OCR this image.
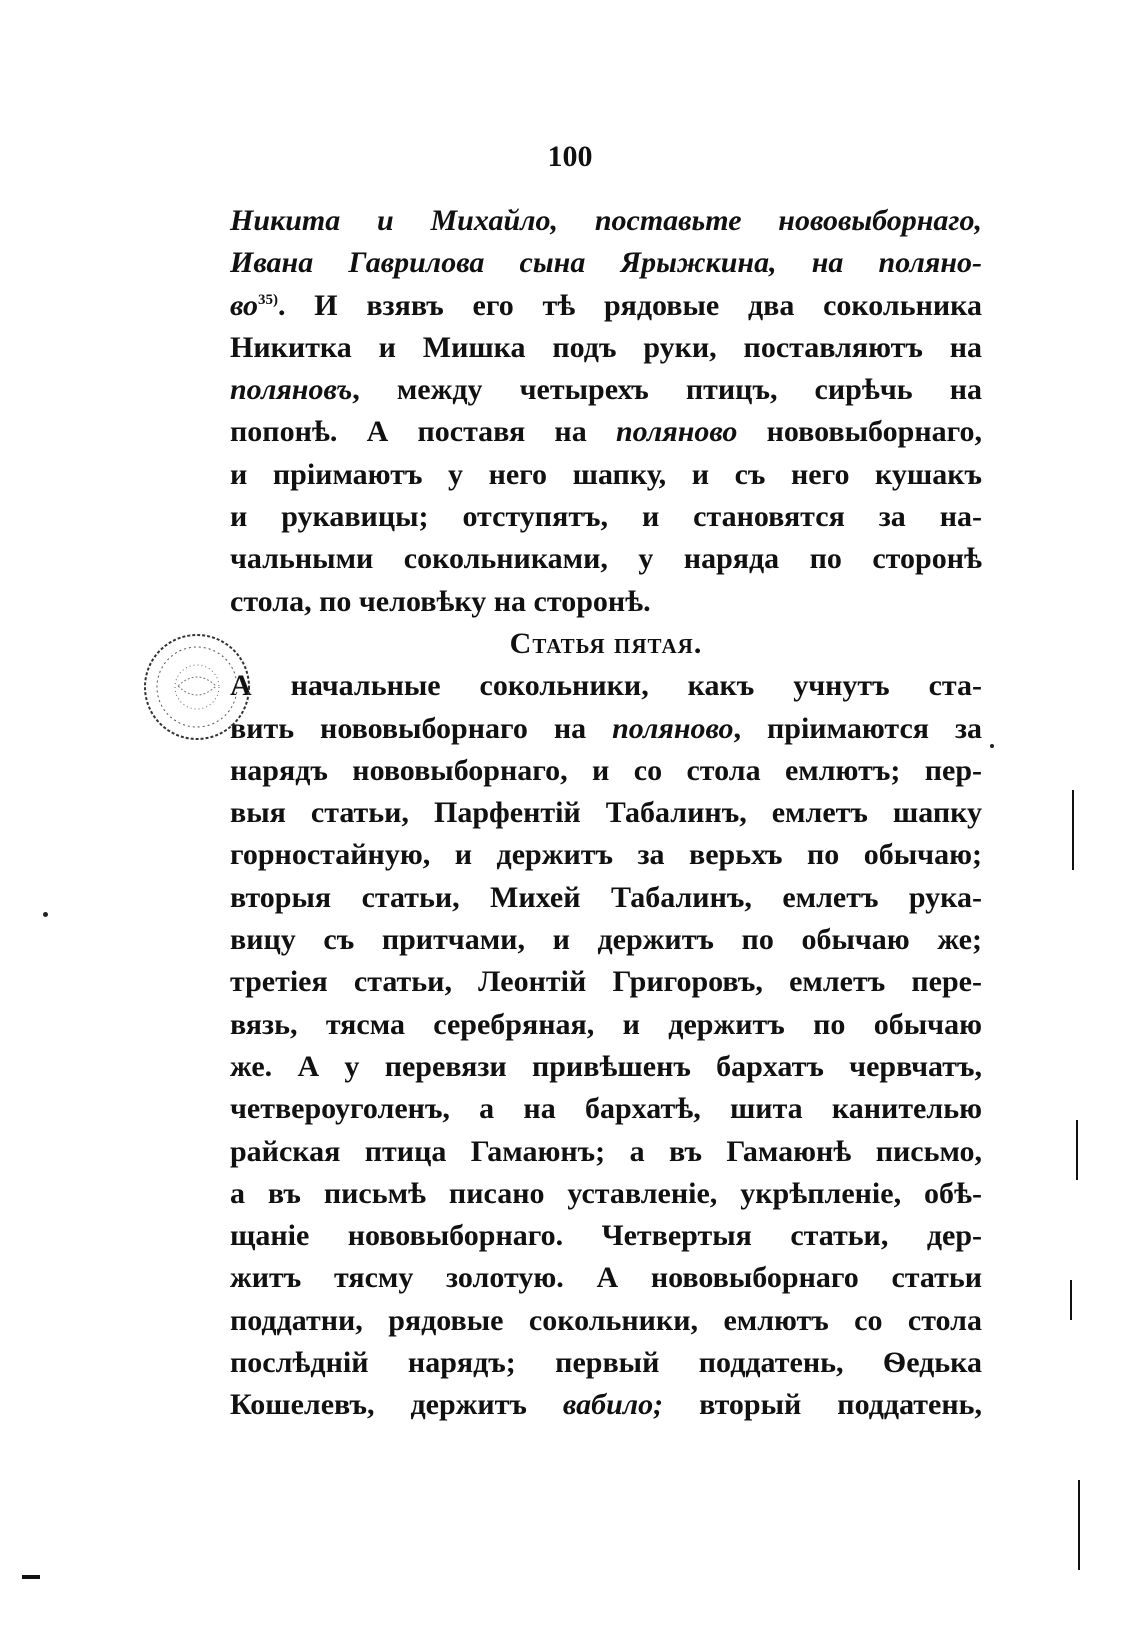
100
Никита и Михайло, поставьте нововыборнаго,
Ивана Гаврилова сына Ярыжкина, на поляно-
$во^{35)}$. И взявъ его тѣ рядовые два сокольника
Никитка и Мишка подъ руки, поставляютъ на
поляновъ, между четырехъ птицъ, сирѣчь на
попонѣ. А поставя на поляново нововыборнаго,
и пріимаютъ у него шапку, и съ него кушакъ
и рукавицы; отступятъ, и становятся за на-
чальными сокольниками, у наряда по сторонѣ
стола, по человѣку на сторонѣ.
Статья пятая.
А начальные сокольники, какъ учнутъ ста-
вить нововыборнаго на поляново, пріимаются за
нарядъ нововыборнаго, и со стола емлютъ; пер-
выя статьи, Парфентій Табалинъ, емлетъ шапку
горностайную, и держитъ за верьхъ по обычаю;
вторыя статьи, Михей Табалинъ, емлетъ рука-
вицу съ притчами, и держитъ по обычаю же;
третіея статьи, Леонтій Григоровъ, емлетъ пере-
вязь, тясма серебряная, и держитъ по обычаю
же. А у перевязи привѣшенъ бархатъ червчатъ,
четвероуголенъ, а на бархатѣ, шита канителью
райская птица Гамаюнъ; а въ Гамаюнѣ письмо,
а въ письмѣ писано уставленіе, укрѣпленіе, обѣ-
щаніе нововыборнаго. Четвертыя статьи, дер-
житъ тясму золотую. А нововыборнаго статьи
поддатни, рядовые сокольники, емлютъ со стола
послѣдній нарядъ; первый поддатень, Ѳедька
Кошелевъ, держитъ вабило; вторый поддатень,
